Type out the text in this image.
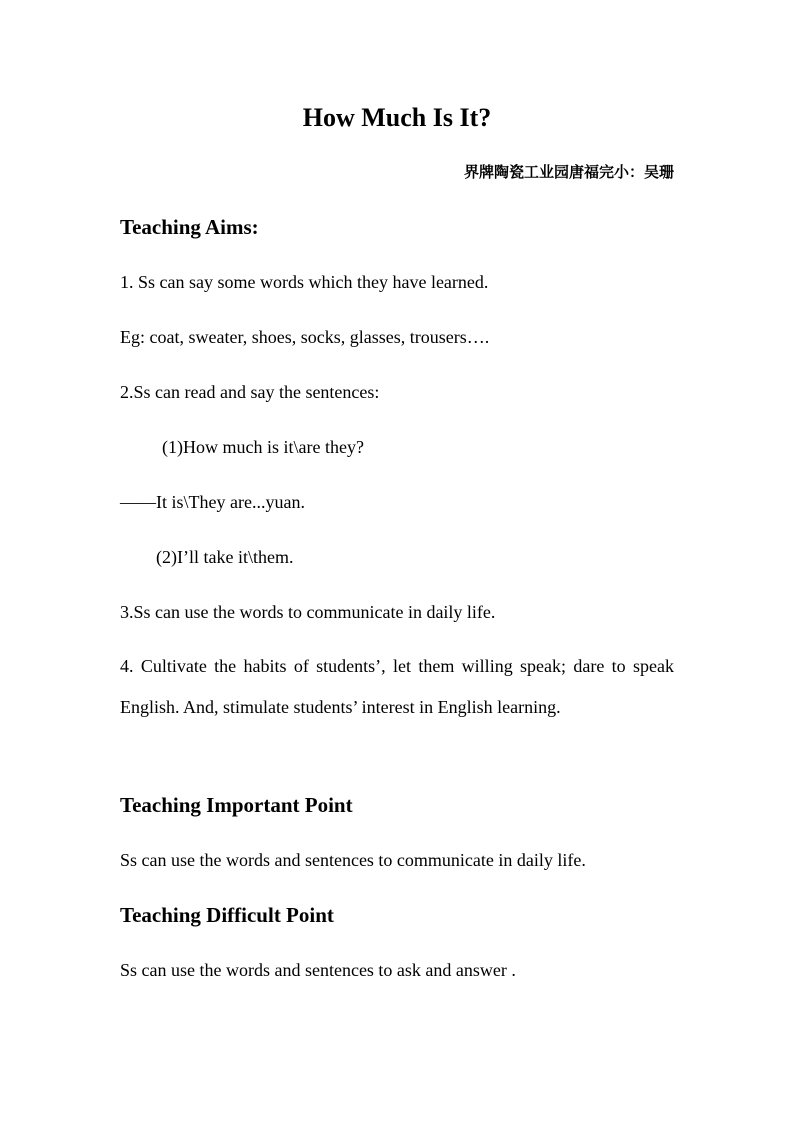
How Much Is It?
界牌陶瓷工业园唐福完小：吴珊
Teaching Aims:
1. Ss can say some words which they have learned.
Eg: coat, sweater, shoes, socks, glasses, trousers….
2.Ss can read and say the sentences:
(1)How much is it\are they?
——It is\They are...yuan.
(2)I’ll take it\them.
3.Ss can use the words to communicate in daily life.
4. Cultivate the habits of students’, let them willing speak; dare to speak English. And, stimulate students’ interest in English learning.
Teaching Important Point
Ss can use the words and sentences to communicate in daily life.
Teaching Difficult Point
Ss can use the words and sentences to ask and answer .
